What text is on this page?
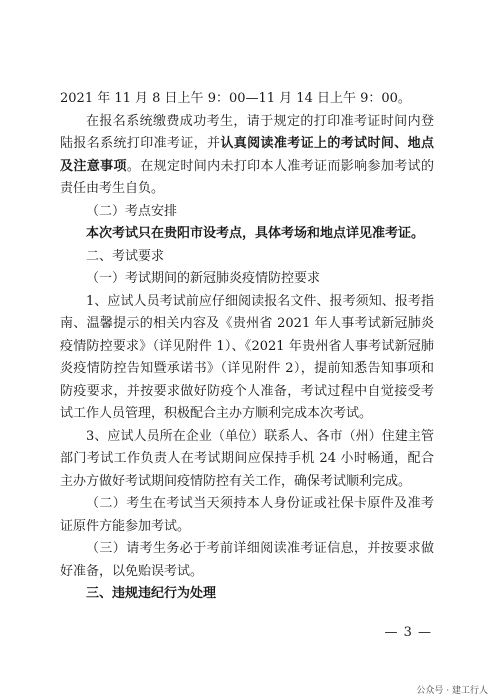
2021 年 11 月 8 日上午 9：00—11 月 14 日上午 9：00。

在报名系统缴费成功考生，请于规定的打印准考证时间内登陆报名系统打印准考证，并认真阅读准考证上的考试时间、地点及注意事项。在规定时间内未打印本人准考证而影响参加考试的责任由考生自负。

（二）考点安排

本次考试只在贵阳市设考点，具体考场和地点详见准考证。

二、考试要求

（一）考试期间的新冠肺炎疫情防控要求

1、应试人员考试前应仔细阅读报名文件、报考须知、报考指南、温馨提示的相关内容及《贵州省 2021 年人事考试新冠肺炎疫情防控要求》（详见附件 1）、《2021 年贵州省人事考试新冠肺炎疫情防控告知暨承诺书》（详见附件 2），提前知悉告知事项和防疫要求，并按要求做好防疫个人准备，考试过程中自觉接受考试工作人员管理，积极配合主办方顺利完成本次考试。

3、应试人员所在企业（单位）联系人、各市（州）住建主管部门考试工作负责人在考试期间应保持手机 24 小时畅通，配合主办方做好考试期间疫情防控有关工作，确保考试顺利完成。

（二）考生在考试当天须持本人身份证或社保卡原件及准考证原件方能参加考试。

（三）请考生务必于考前详细阅读准考证信息，并按要求做好准备，以免贻误考试。

三、违规违纪行为处理

— 3 —
公众号 · 建工行人
